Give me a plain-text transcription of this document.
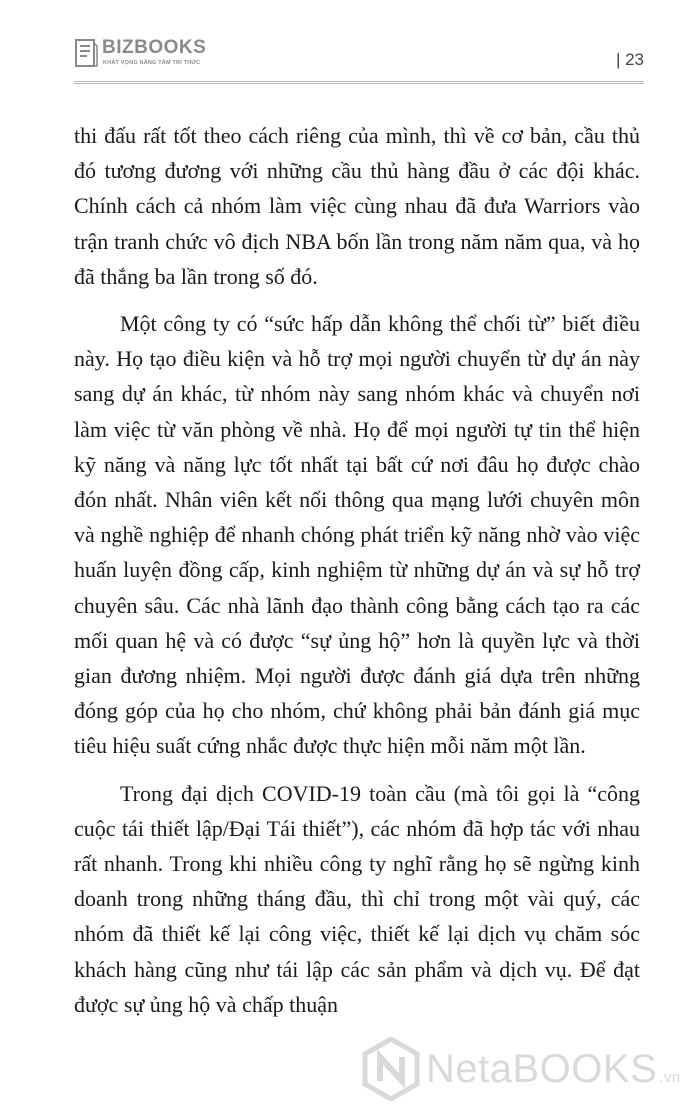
BIZBOOKS
KHÁT VỌNG NÂNG TẦM TRI THỨC	| 23

thi đấu rất tốt theo cách riêng của mình, thì về cơ bản, cầu thủ đó tương đương với những cầu thủ hàng đầu ở các đội khác. Chính cách cả nhóm làm việc cùng nhau đã đưa Warriors vào trận tranh chức vô địch NBA bốn lần trong năm năm qua, và họ đã thắng ba lần trong số đó.

Một công ty có “sức hấp dẫn không thể chối từ” biết điều này. Họ tạo điều kiện và hỗ trợ mọi người chuyển từ dự án này sang dự án khác, từ nhóm này sang nhóm khác và chuyển nơi làm việc từ văn phòng về nhà. Họ để mọi người tự tin thể hiện kỹ năng và năng lực tốt nhất tại bất cứ nơi đâu họ được chào đón nhất. Nhân viên kết nối thông qua mạng lưới chuyên môn và nghề nghiệp để nhanh chóng phát triển kỹ năng nhờ vào việc huấn luyện đồng cấp, kinh nghiệm từ những dự án và sự hỗ trợ chuyên sâu. Các nhà lãnh đạo thành công bằng cách tạo ra các mối quan hệ và có được “sự ủng hộ” hơn là quyền lực và thời gian đương nhiệm. Mọi người được đánh giá dựa trên những đóng góp của họ cho nhóm, chứ không phải bản đánh giá mục tiêu hiệu suất cứng nhắc được thực hiện mỗi năm một lần.

Trong đại dịch COVID-19 toàn cầu (mà tôi gọi là “công cuộc tái thiết lập/Đại Tái thiết”), các nhóm đã hợp tác với nhau rất nhanh. Trong khi nhiều công ty nghĩ rằng họ sẽ ngừng kinh doanh trong những tháng đầu, thì chỉ trong một vài quý, các nhóm đã thiết kế lại công việc, thiết kế lại dịch vụ chăm sóc khách hàng cũng như tái lập các sản phẩm và dịch vụ. Để đạt được sự ủng hộ và chấp thuận

NetaBOOKS .vn
